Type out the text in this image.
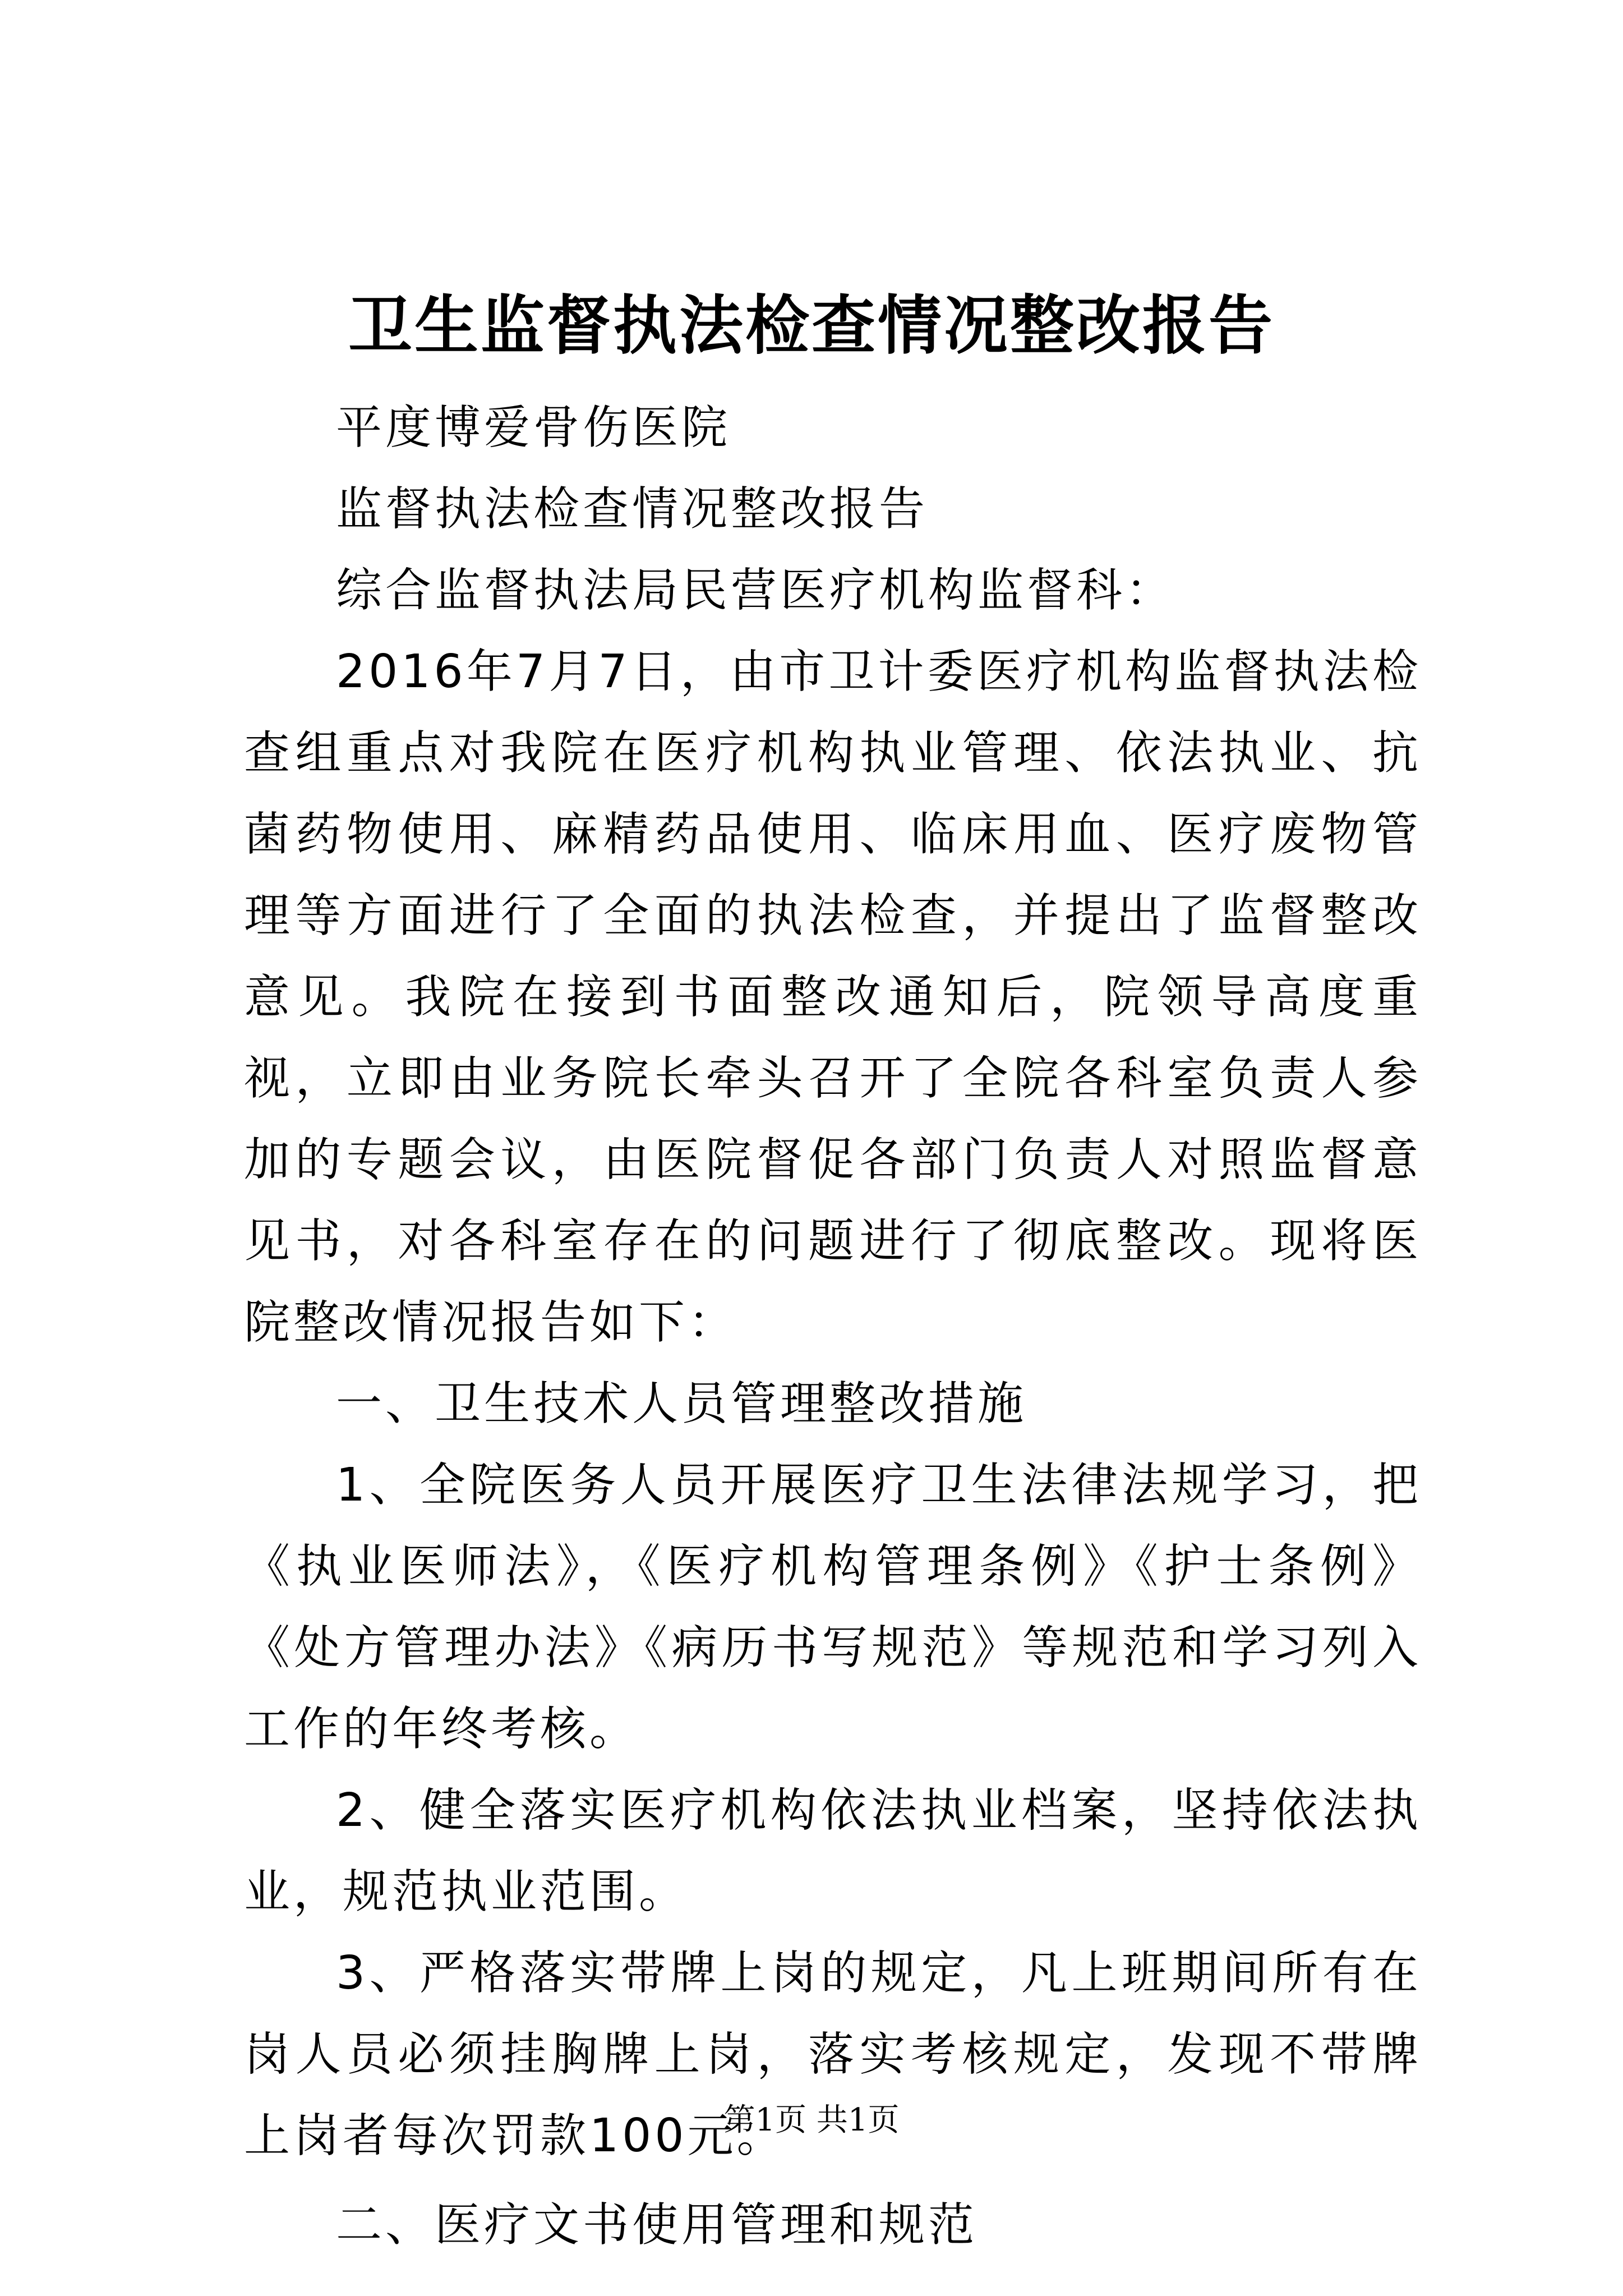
卫生监督执法检查情况整改报告

平度博爱骨伤医院

监督执法检查情况整改报告

综合监督执法局民营医疗机构监督科：

2016年7月7日，由市卫计委医疗机构监督执法检查组重点对我院在医疗机构执业管理、依法执业、抗菌药物使用、麻精药品使用、临床用血、医疗废物管理等方面进行了全面的执法检查，并提出了监督整改意见。我院在接到书面整改通知后，院领导高度重视，立即由业务院长牵头召开了全院各科室负责人参加的专题会议，由医院督促各部门负责人对照监督意见书，对各科室存在的问题进行了彻底整改。现将医院整改情况报告如下：

一、卫生技术人员管理整改措施

1、全院医务人员开展医疗卫生法律法规学习，把《执业医师法》，《医疗机构管理条例》《护士条例》《处方管理办法》《病历书写规范》等规范和学习列入工作的年终考核。

2、健全落实医疗机构依法执业档案，坚持依法执业，规范执业范围。

3、严格落实带牌上岗的规定，凡上班期间所有在岗人员必须挂胸牌上岗，落实考核规定，发现不带牌上岗者每次罚款100元。

二、医疗文书使用管理和规范

第1页 共1页
